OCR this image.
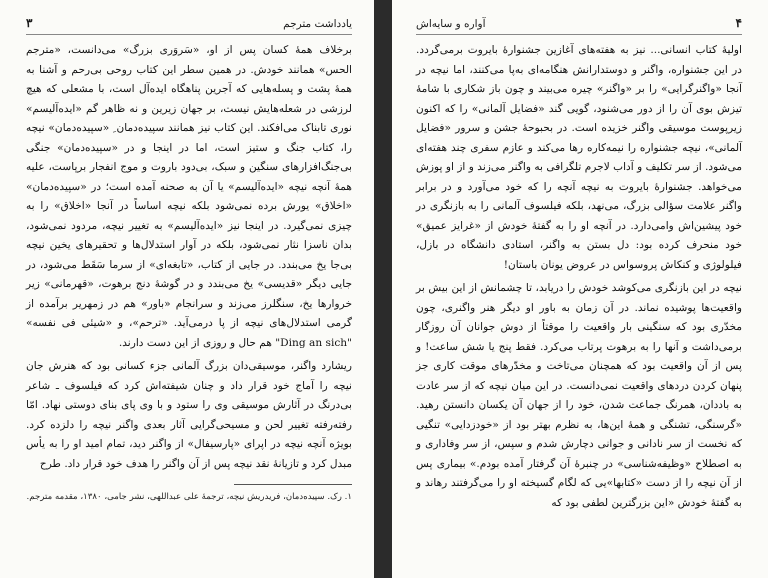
یادداشت مترجم
۳

برخلاف همهٔ کسان پس از او، «سَروَری بزرگ» می‌دانست، «مترجم الحس» همانند خودش. در همین سطر این کتاب روحی بی‌رحم و آشنا به همهٔ پشت و پسله‌هایی که آجرین پناهگاه ایده‌آل است، با مشعلی که هیچ لرزشی در شعله‌هایش نیست، بر جهان زیرین و نه ظاهر گم «ایده‌آلیسم» نوری تابناک می‌افکند. این کتاب نیز همانند سپیده‌دمان ِ «سپیده‌دمان» نیچه را، کتاب جنگ و ستیز است، اما در اینجا و در «سپیده‌دمان» جنگی بی‌جنگ‌افزارهای سنگین و سبک، بی‌دود باروت و موج انفجار برپاست، علیه همهٔ آنچه نیچه «ایده‌آلیسم» یا آن به صحنه آمده است؛ در «سپیده‌دمان» «اخلاق» یورش برده نمی‌شود بلکه نیچه اساساً در آنجا «اخلاق» را به چیزی نمی‌گیرد. در اینجا نیز «ایده‌آلیسم» به تغییر نیچه، مردود نمی‌شود، بدان ناسزا نثار نمی‌شود، بلکه در آوار استدلال‌ها و تحقیرهای یخین نیچه بی‌جا یخ می‌بندد. در جایی از کتاب، «تابغه‌ای» از سرما سَقَط می‌شود، در جایی دیگر «قدیسی» یخ می‌بندد و در گوشهٔ دنج برهوت، «قهرمانی» زیر خروارها یخ، سنگلرز می‌زند و سرانجام «باور» هم در زمهریر برآمده از گرمی استدلال‌های نیچه از پا درمی‌آید. «ترحم»، و «شیئی فی نفسه» "Ding an sich" هم حال و روزی از این دست دارند.

ریشارد واگنر، موسیقی‌دان بزرگ آلمانی جزء کسانی بود که هنرش جان نیچه را آماج خود قرار داد و چنان شیفته‌اش کرد که فیلسوف ـ شاعر بی‌درنگ در آثارش موسیقی وی را ستود و با وی پای بنای دوستی نهاد. امّا رفته‌رفته تغییر لحن و مسیحی‌گرایی آثار بعدی واگنر نیچه را دلزده کرد. بویژه آنچه نیچه در اپرای «پارسیفال» از واگنر دید، تمام امید او را به یأس مبدل کرد و تازیانهٔ نقد نیچه پس از آن واگنر را هدف خود قرار داد. طرح

۱. رک. سپیده‌دمان، فریدریش نیچه، ترجمهٔ علی عبداللهی، نشر جامی، ۱۳۸۰، مقدمه مترجم.
۴
آواره و سایه‌اش

اولیهٔ کتاب انسانی... نیز به هفته‌های آغازین جشنوارهٔ بایروت برمی‌گردد. در این جشنواره، واگنر و دوستدارانش هنگامه‌ای به‌پا می‌کنند، اما نیچه در آنجا «واگنرگرایی» را بر «واگنر» چیره می‌بیند و چون باز شکاری با شامهٔ تیزش بوی آن را از دور می‌شنود، گویی گند «فضایل آلمانی» را که اکنون زیرپوست موسیقی واگنر خزیده است. در بحبوحهٔ جشن و سرور «فضایل آلمانی»، نیچه جشنواره را نیمه‌کاره رها می‌کند و عازم سفری چند هفته‌ای می‌شود. از سر تکلیف و آداب لاجرم تلگرافی به واگنر می‌زند و از او پوزش می‌خواهد. جشنوارهٔ بایروت به نیچه آنچه را که خود می‌آورد و در برابر واگنر علامت سؤالی بزرگ، می‌نهد، بلکه فیلسوف آلمانی را به بازنگری در خود پیشین‌اش وامی‌دارد. در آنچه او را به گفتهٔ خودش از «غرایز عمیق» خود منحرف کرده بود: دل بستن به واگنر، استادی دانشگاه در بازل، فیلولوژی و کنکاش پروسواس در عروض یونان باستان!

نیچه در این بازنگری می‌کوشد خودش را دریابد، تا چشمانش از این بیش بر واقعیت‌ها پوشیده نماند. در آن زمان به باور او دیگر هنر واگنری، چون مخدّری بود که سنگینی بار واقعیت را موقتاً از دوش جوانان آن روزگار برمی‌داشت و آنها را به برهوت پرتاب می‌کرد. فقط پنج یا شش ساعت! و پس از آن واقعیت بود که همچنان می‌تاخت و مخدّرهای موقت کاری جز پنهان کردن دردهای واقعیت نمی‌دانست. در این میان نیچه که از سر عادت به باددان، همرنگ جماعت شدن، خود را از جهان آن یکسان دانستن رهید. «گرسنگی، تشنگی و همهٔ این‌ها، به نظرم بهتر بود از «خودزدایی» تنگیی که نخست از سر نادانی و جوانی دچارش شدم و سپس، از سر وفاداری و به اصطلاح «وظیفه‌شناسی» در چنبرهٔ آن گرفتار آمده بودم.» بیماری پس از آن نیچه را از دست «کتابها»یی که لگام گسیخته او را می‌گرفتند رهاند و به گفتهٔ خودش «این بزرگترین لطفی بود که
